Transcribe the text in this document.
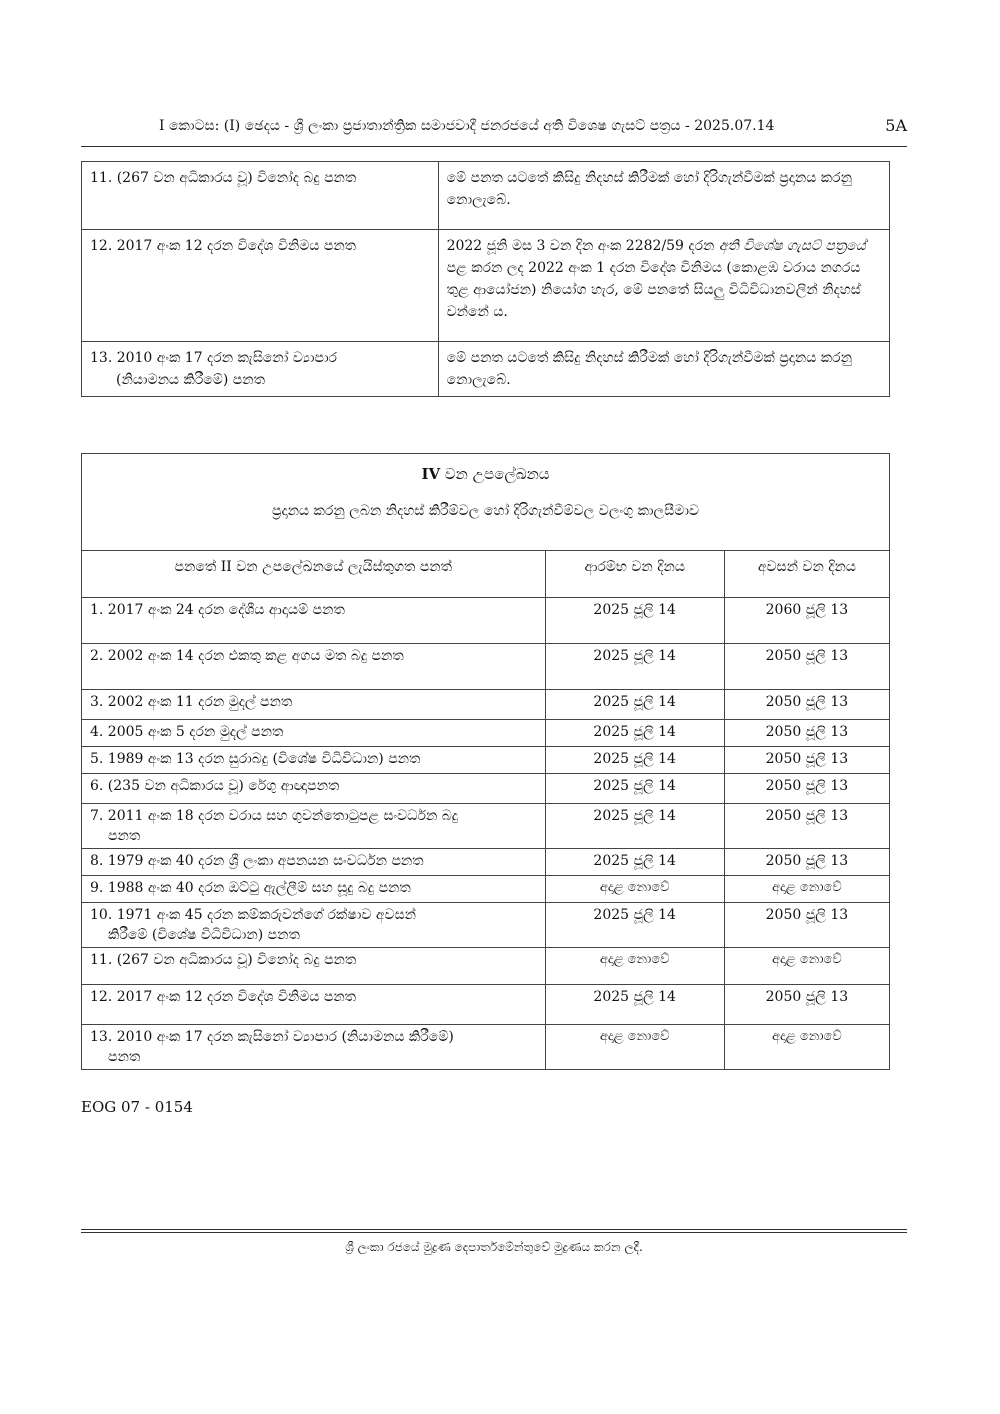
I කොටස: (I) ඡෙදය - ශ්‍රී ලංකා ප්‍රජාතාන්ත්‍රික සමාජවාදී ජනරජයේ අති විශෙෂ ගැසට් පත්‍රය - 2025.07.14	5A
11. (267 වන අධිකාරය වූ) විනෝද බදු පනත	මේ පනත යටතේ කිසිදු නිදහස් කිරීමක් හෝ දිරිගැන්වීමක් ප්‍රදානය කරනු නොලැබේ.
12. 2017 අංක 12 දරන විදේශ විනිමය පනත	2022 ජූනි මස 3 වන දින අංක 2282/59 දරන අති විශේෂ ගැසට් පත්‍රයේ පළ කරන ලද 2022 අංක 1 දරන විදේශ විනිමය (කොළඹ වරාය නගරය තුළ ආයෝජන) නියෝග හැර, මේ පනතේ සියලු විධිවිධානවලින් නිදහස් වන්නේ ය.
13. 2010 අංක 17 දරන කැසිනෝ ව්‍යාපාර
(නියාමනය කිරීමේ) පනත	මේ පනත යටතේ කිසිදු නිදහස් කිරීමක් හෝ දිරිගැන්වීමක් ප්‍රදානය කරනු නොලැබේ.
IV වන උපලේඛනය
ප්‍රදානය කරනු ලබන නිදහස් කිරීම්වල හෝ දිරිගැන්වීම්වල වලංගු කාලසීමාව		

පනතේ II වන උපලේඛනයේ ලැයිස්තුගත පනත්	ආරම්භ වන දිනය	අවසන් වන දිනය
1. 2017 අංක 24 දරන දේශීය ආදායම් පනත	2025 ජූලි 14	2060 ජූලි 13
2. 2002 අංක 14 දරන එකතු කළ අගය මත බදු පනත	2025 ජූලි 14	2050 ජූලි 13
3. 2002 අංක 11 දරන මුදල් පනත	2025 ජූලි 14	2050 ජූලි 13
4. 2005 අංක 5 දරන මුදල් පනත	2025 ජූලි 14	2050 ජූලි 13
5. 1989 අංක 13 දරන සුරාබදු (විශේෂ විධිවිධාන) පනත	2025 ජූලි 14	2050 ජූලි 13
6. (235 වන අධිකාරය වූ) රේගු ආඥාපනත	2025 ජූලි 14	2050 ජූලි 13
7. 2011 අංක 18 දරන වරාය සහ ගුවන්තොටුපළ සංවර්ධන බදු
පනත	2025 ජූලි 14	2050 ජූලි 13
8. 1979 අංක 40 දරන ශ්‍රී ලංකා අපනයන සංවර්ධන පනත	2025 ජූලි 14	2050 ජූලි 13
9. 1988 අංක 40 දරන ඔට්ටු ඇල්ලීම් සහ සූදු බදු පනත	අදාළ නොවේ	අදාළ නොවේ
10. 1971 අංක 45 දරන කම්කරුවන්ගේ රක්ෂාව අවසන්
කිරීමේ (විශේෂ විධිවිධාන) පනත	2025 ජූලි 14	2050 ජූලි 13
11. (267 වන අධිකාරය වූ) විනෝද බදු පනත	අදාළ නොවේ	අදාළ නොවේ
12. 2017 අංක 12 දරන විදේශ විනිමය පනත	2025 ජූලි 14	2050 ජූලි 13
13. 2010 අංක 17 දරන කැසිනෝ ව්‍යාපාර (නියාමනය කිරීමේ)
පනත	අදාළ නොවේ	අදාළ නොවේ
EOG 07 - 0154
ශ්‍රී ලංකා රජයේ මුද්‍රණ දෙපාර්තමේන්තුවේ මුද්‍රණය කරන ලදී.
